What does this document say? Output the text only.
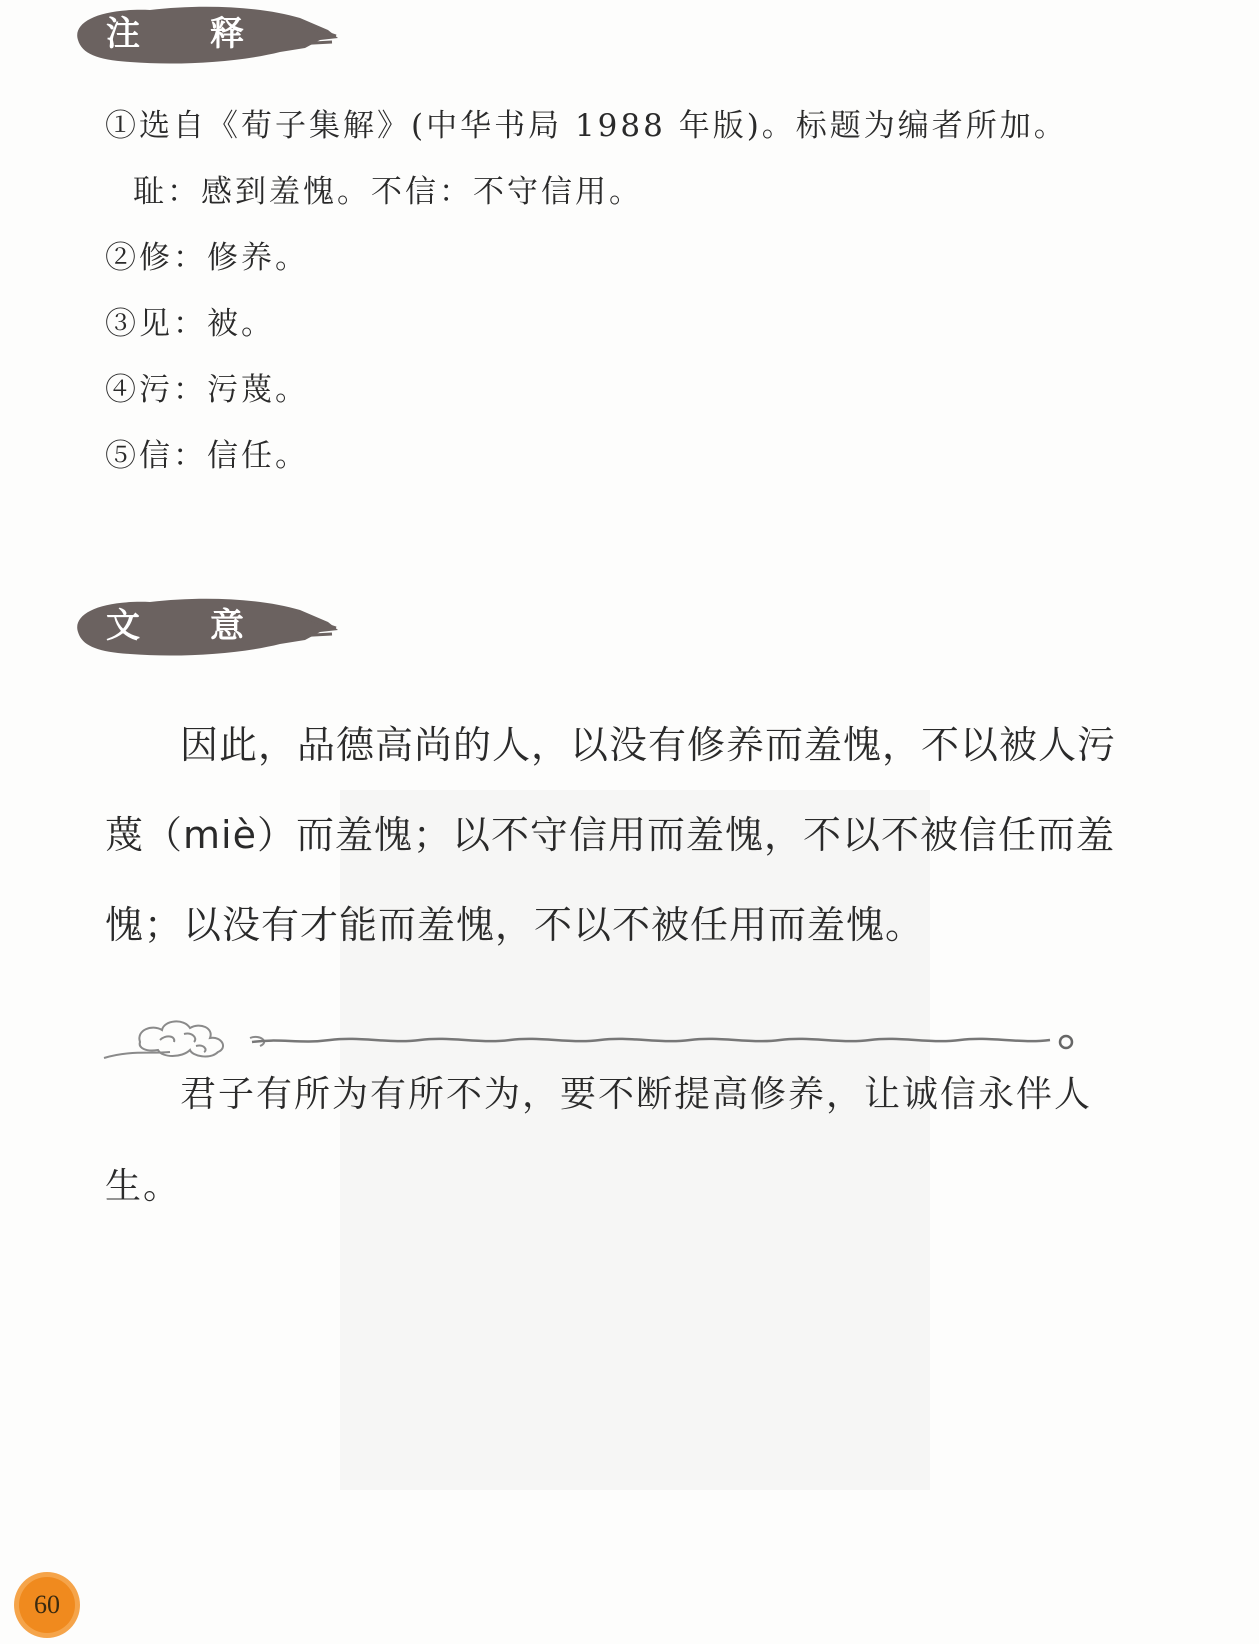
注 释
①选自《荀子集解》(中华书局 1988 年版)。标题为编者所加。
耻：感到羞愧。不信：不守信用。
②修：修养。
③见：被。
④污：污蔑。
⑤信：信任。
文 意
因此，品德高尚的人，以没有修养而羞愧，不以被人污
蔑（miè）而羞愧；以不守信用而羞愧，不以不被信任而羞
愧；以没有才能而羞愧，不以不被任用而羞愧。
君子有所为有所不为，要不断提高修养，让诚信永伴人
生。
60
